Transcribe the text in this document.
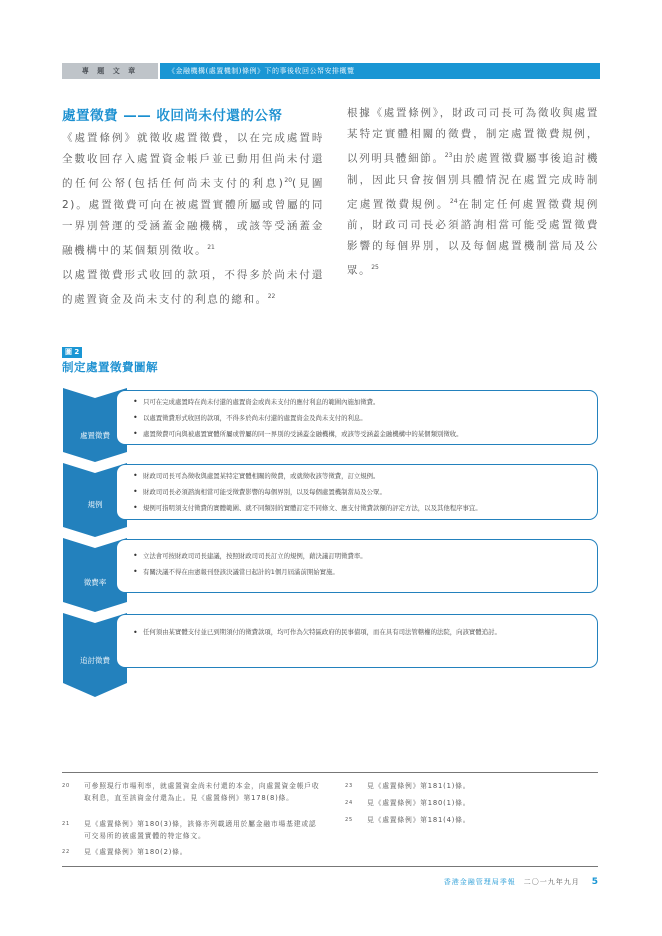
專 題 文 章	《金融機構(處置機制)條例》下的事後收回公帑安排概覽
處置徵費 —— 收回尚未付還的公帑
《處置條例》就徵收處置徵費，以在完成處置時全數收回存入處置資金帳戶並已動用但尚未付還的任何公帑(包括任何尚未支付的利息)$^{20}$(見圖2)。處置徵費可向在被處置實體所屬或曾屬的同一界別營運的受涵蓋金融機構，或該等受涵蓋金融機構中的某個類別徵收。$^{21}$
以處置徵費形式收回的款項，不得多於尚未付還的處置資金及尚未支付的利息的總和。$^{22}$
根據《處置條例》，財政司司長可為徵收與處置某特定實體相關的徵費，制定處置徵費規例，以列明具體細節。$^{23}$由於處置徵費屬事後追討機制，因此只會按個別具體情況在處置完成時制定處置徵費規例。$^{24}$在制定任何處置徵費規例前，財政司司長必須諮詢相當可能受處置徵費影響的每個界別，以及每個處置機制當局及公眾。$^{25}$
圖 2
制定處置徵費圖解
處置徵費
• 只可在完成處置時在尚未付還的處置資金或尚未支付的應付利息的範圍內施加徵費。
• 以處置徵費形式收回的款項，不得多於尚未付還的處置資金及尚未支付的利息。
• 處置徵費可向與被處置實體所屬或曾屬的同一界別的受涵蓋金融機構，或該等受涵蓋金融機構中的某個類別徵收。
規例
• 財政司司長可為徵收與處置某特定實體相關的徵費，或就徵收該等徵費，訂立規例。
• 財政司司長必須諮詢相當可能受徵費影響的每個界別，以及每個處置機制當局及公眾。
• 規例可指明須支付徵費的實體範圍、就不同類別的實體訂定不同條文、應支付徵費款額的評定方法，以及其他程序事宜。
徵費率
• 立法會可按財政司司長建議，按照財政司司長訂立的規例，藉決議訂明徵費率。
• 有關決議不得在由憲報刊登該決議當日起計的1個月屆滿前開始實施。
追討徵費
• 任何須由某實體支付並已到期須付的徵費款項，均可作為欠特區政府的民事債項，而在具有司法管轄權的法院，向該實體追討。
20	可參照現行市場利率，就處置資金尚未付還的本金，向處置資金帳戶收取利息，直至該資金付還為止。見《處置條例》第178(8)條。
21	見《處置條例》第180(3)條，該條亦列載適用於屬金融市場基建或認可交易所的被處置實體的特定條文。
22	見《處置條例》第180(2)條。
23	見《處置條例》第181(1)條。
24	見《處置條例》第180(1)條。
25	見《處置條例》第181(4)條。
香港金融管理局季報 二〇一九年九月 5
